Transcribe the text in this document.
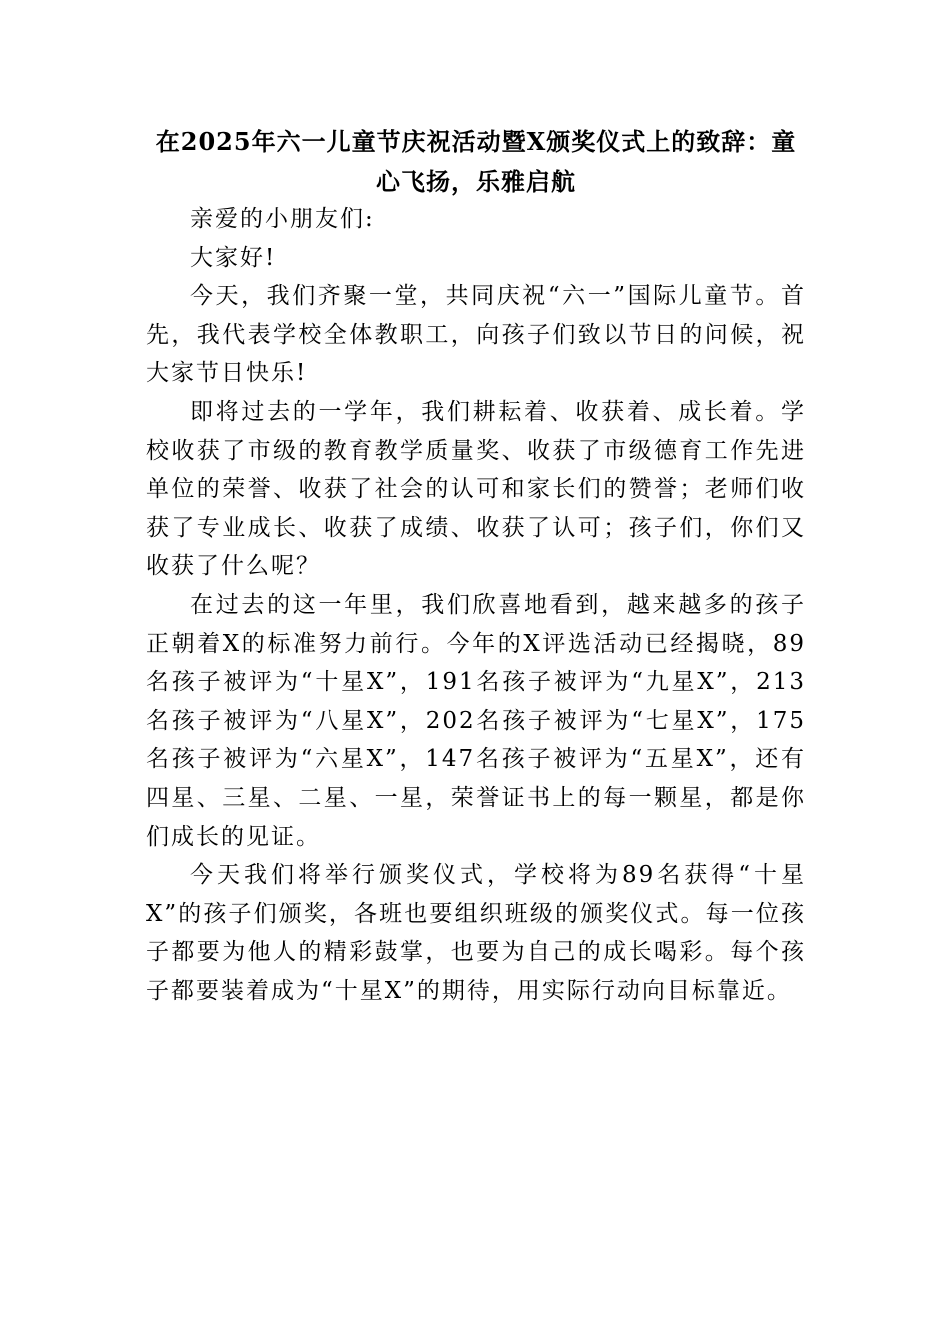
在2025年六一儿童节庆祝活动暨X颁奖仪式上的致辞：童心飞扬，乐雅启航

亲爱的小朋友们:

大家好!

今天，我们齐聚一堂，共同庆祝“六一”国际儿童节。首先，我代表学校全体教职工，向孩子们致以节日的问候，祝大家节日快乐!

即将过去的一学年，我们耕耘着、收获着、成长着。学校收获了市级的教育教学质量奖、收获了市级德育工作先进单位的荣誉、收获了社会的认可和家长们的赞誉；老师们收获了专业成长、收获了成绩、收获了认可；孩子们，你们又收获了什么呢？

在过去的这一年里，我们欣喜地看到，越来越多的孩子正朝着X的标准努力前行。今年的X评选活动已经揭晓，89名孩子被评为“十星X”，191名孩子被评为“九星X”，213名孩子被评为“八星X”，202名孩子被评为“七星X”，175名孩子被评为“六星X”，147名孩子被评为“五星X”，还有四星、三星、二星、一星，荣誉证书上的每一颗星，都是你们成长的见证。

今天我们将举行颁奖仪式，学校将为89名获得“十星X”的孩子们颁奖，各班也要组织班级的颁奖仪式。每一位孩子都要为他人的精彩鼓掌，也要为自己的成长喝彩。每个孩子都要装着成为“十星X”的期待，用实际行动向目标靠近。
